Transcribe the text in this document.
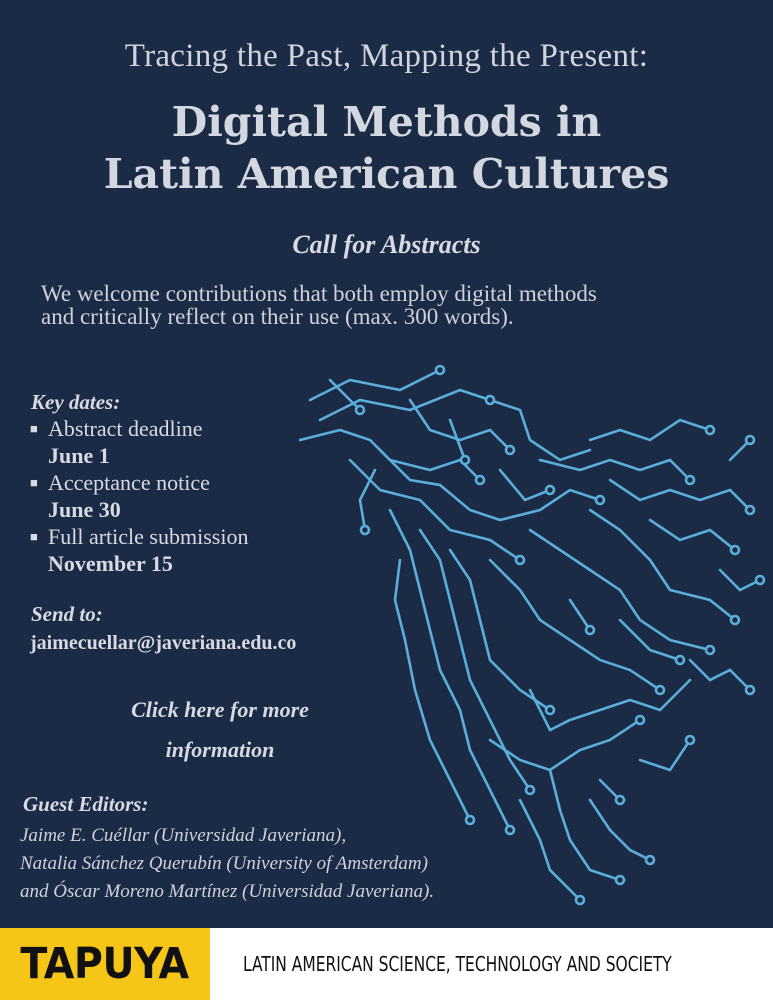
Tracing the Past, Mapping the Present:
Digital Methods in
Latin American Cultures
Call for Abstracts
We welcome contributions that both employ digital methods
and critically reflect on their use (max. 300 words).
Key dates:
■ Abstract deadline
June 1
■ Acceptance notice
June 30
■ Full article submission
November 15
Send to:
jaimecuellar@javeriana.edu.co
Click here for more
information
Guest Editors:
Jaime E. Cuéllar (Universidad Javeriana),
Natalia Sánchez Querubín (University of Amsterdam)
and Óscar Moreno Martínez (Universidad Javeriana).
TAPUYA	LATIN AMERICAN SCIENCE, TECHNOLOGY AND SOCIETY
